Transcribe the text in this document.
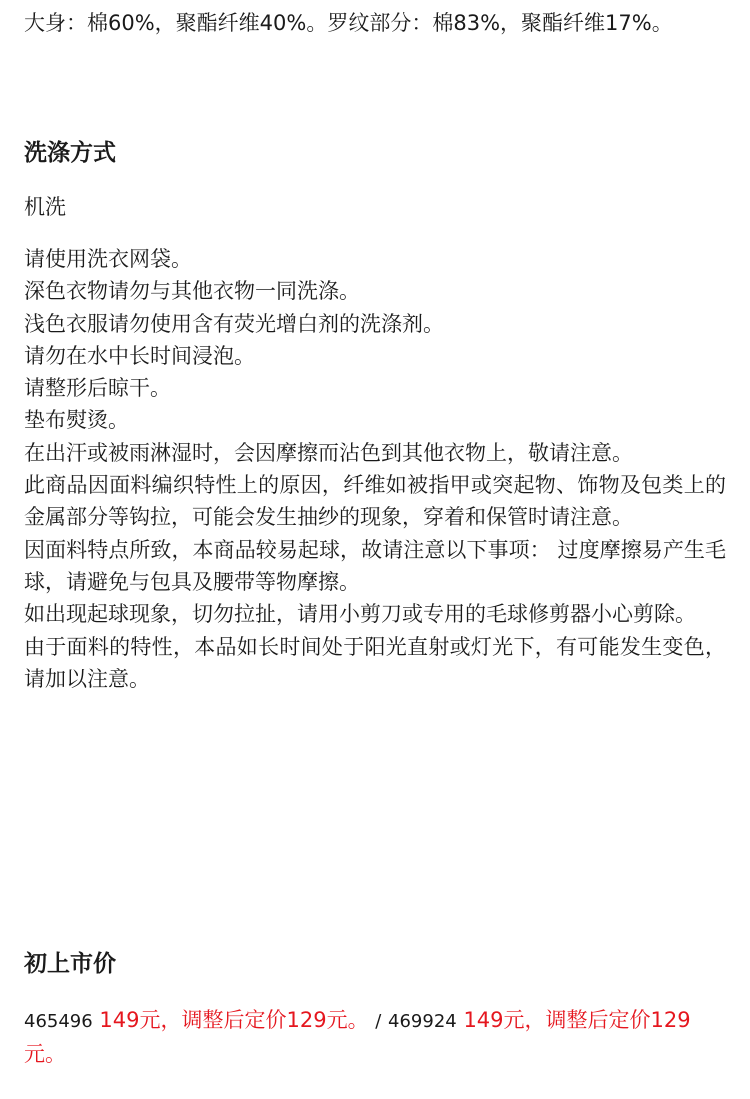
大身：棉60%，聚酯纤维40%。罗纹部分：棉83%，聚酯纤维17%。

洗涤方式

机洗

请使用洗衣网袋。
深色衣物请勿与其他衣物一同洗涤。
浅色衣服请勿使用含有荧光增白剂的洗涤剂。
请勿在水中长时间浸泡。
请整形后晾干。
垫布熨烫。
在出汗或被雨淋湿时，会因摩擦而沾色到其他衣物上，敬请注意。
此商品因面料编织特性上的原因，纤维如被指甲或突起物、饰物及包类上的金属部分等钩拉，可能会发生抽纱的现象，穿着和保管时请注意。
因面料特点所致，本商品较易起球，故请注意以下事项： 过度摩擦易产生毛球，请避免与包具及腰带等物摩擦。
如出现起球现象，切勿拉扯，请用小剪刀或专用的毛球修剪器小心剪除。
由于面料的特性，本品如长时间处于阳光直射或灯光下，有可能发生变色，请加以注意。
初上市价

465496 149元，调整后定价129元。 / 469924 149元，调整后定价129元。
